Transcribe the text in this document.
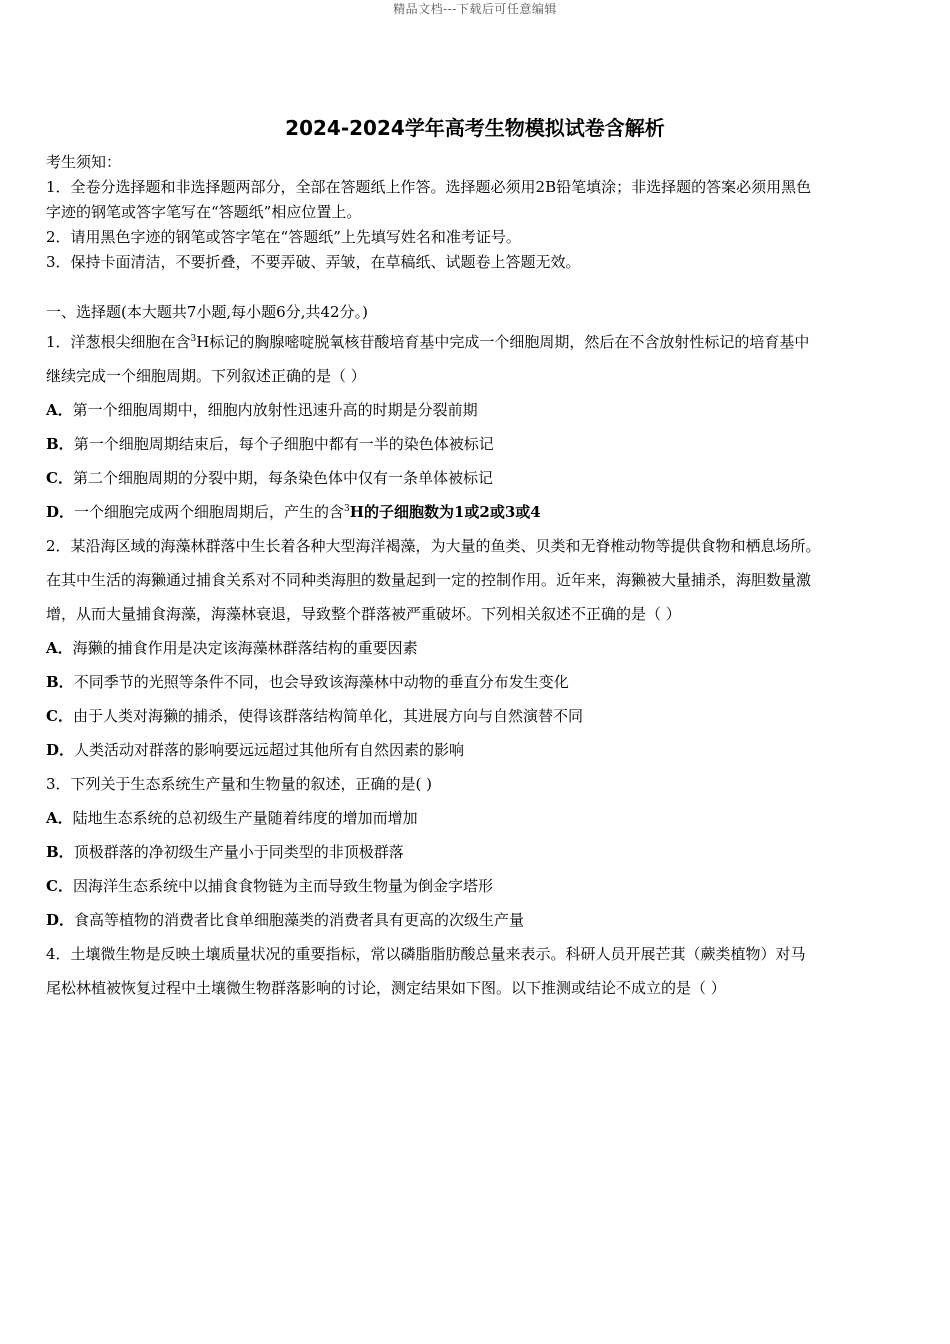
精品文档---下载后可任意编辑
2024-2024学年高考生物模拟试卷含解析
考生须知：
1．全卷分选择题和非选择题两部分，全部在答题纸上作答。选择题必须用2B铅笔填涂；非选择题的答案必须用黑色
字迹的钢笔或答字笔写在“答题纸”相应位置上。
2．请用黑色字迹的钢笔或答字笔在“答题纸”上先填写姓名和准考证号。
3．保持卡面清洁，不要折叠，不要弄破、弄皱，在草稿纸、试题卷上答题无效。
一、选择题(本大题共7小题,每小题6分,共42分。)
1．洋葱根尖细胞在含$^3$H标记的胸腺嘧啶脱氧核苷酸培育基中完成一个细胞周期，然后在不含放射性标记的培育基中
继续完成一个细胞周期。下列叙述正确的是（ ）
A．第一个细胞周期中，细胞内放射性迅速升高的时期是分裂前期
B．第一个细胞周期结束后，每个子细胞中都有一半的染色体被标记
C．第二个细胞周期的分裂中期，每条染色体中仅有一条单体被标记
D．一个细胞完成两个细胞周期后，产生的含$^3$H的子细胞数为1或2或3或4
2．某沿海区域的海藻林群落中生长着各种大型海洋褐藻，为大量的鱼类、贝类和无脊椎动物等提供食物和栖息场所。
在其中生活的海獭通过捕食关系对不同种类海胆的数量起到一定的控制作用。近年来，海獭被大量捕杀，海胆数量激
增，从而大量捕食海藻，海藻林衰退，导致整个群落被严重破坏。下列相关叙述不正确的是（ ）
A．海獭的捕食作用是决定该海藻林群落结构的重要因素
B．不同季节的光照等条件不同，也会导致该海藻林中动物的垂直分布发生变化
C．由于人类对海獭的捕杀，使得该群落结构简单化，其进展方向与自然演替不同
D．人类活动对群落的影响要远远超过其他所有自然因素的影响
3．下列关于生态系统生产量和生物量的叙述，正确的是( )
A．陆地生态系统的总初级生产量随着纬度的增加而增加
B．顶极群落的净初级生产量小于同类型的非顶极群落
C．因海洋生态系统中以捕食食物链为主而导致生物量为倒金字塔形
D．食高等植物的消费者比食单细胞藻类的消费者具有更高的次级生产量
4．土壤微生物是反映土壤质量状况的重要指标，常以磷脂脂肪酸总量来表示。科研人员开展芒萁（蕨类植物）对马
尾松林植被恢复过程中土壤微生物群落影响的讨论，测定结果如下图。以下推测或结论不成立的是（ ）
